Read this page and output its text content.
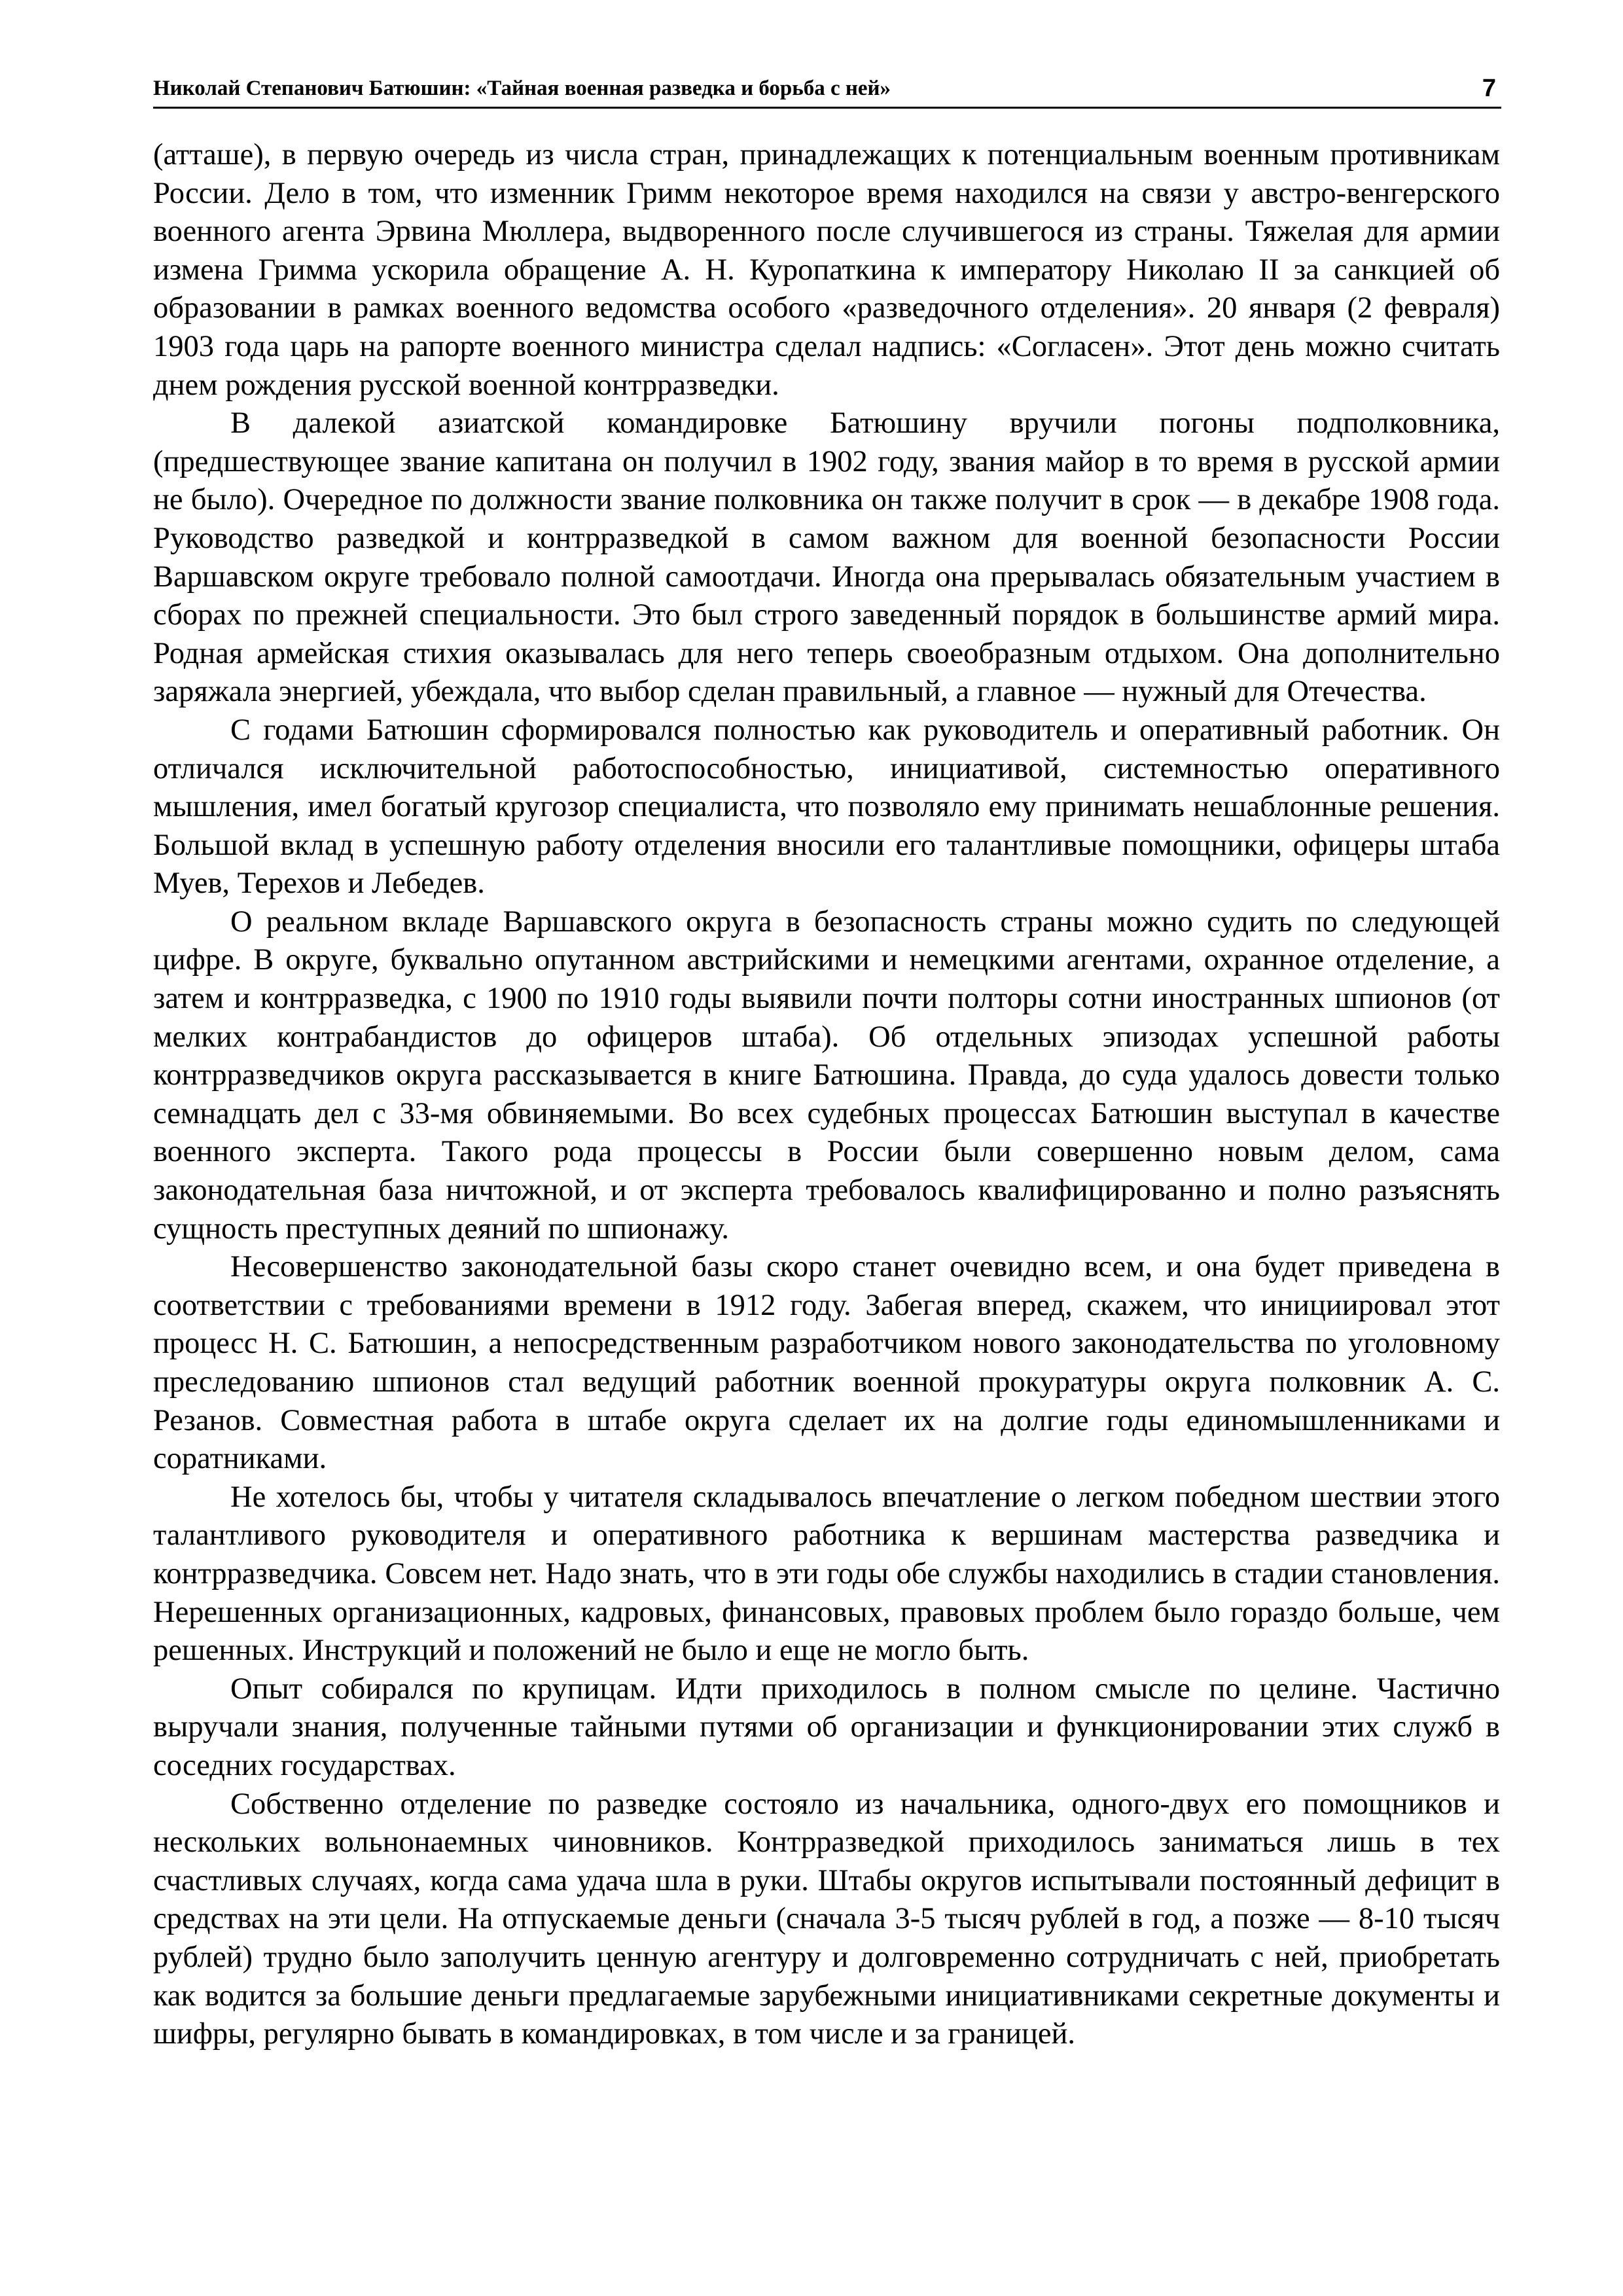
Николай Степанович Батюшин: «Тайная военная разведка и борьба с ней»	7

(атташе), в первую очередь из числа стран, принадлежащих к потенциальным военным противникам России. Дело в том, что изменник Гримм некоторое время находился на связи у австро-венгерского военного агента Эрвина Мюллера, выдворенного после случившегося из страны. Тяжелая для армии измена Гримма ускорила обращение А. Н. Куропаткина к императору Николаю II за санкцией об образовании в рамках военного ведомства особого «разведочного отделения». 20 января (2 февраля) 1903 года царь на рапорте военного министра сделал надпись: «Согласен». Этот день можно считать днем рождения русской военной контрразведки.

В далекой азиатской командировке Батюшину вручили погоны подполковника, (предшествующее звание капитана он получил в 1902 году, звания майор в то время в русской армии не было). Очередное по должности звание полковника он также получит в срок — в декабре 1908 года. Руководство разведкой и контрразведкой в самом важном для военной безопасности России Варшавском округе требовало полной самоотдачи. Иногда она прерывалась обязательным участием в сборах по прежней специальности. Это был строго заведенный порядок в большинстве армий мира. Родная армейская стихия оказывалась для него теперь своеобразным отдыхом. Она дополнительно заряжала энергией, убеждала, что выбор сделан правильный, а главное — нужный для Отечества.

С годами Батюшин сформировался полностью как руководитель и оперативный работник. Он отличался исключительной работоспособностью, инициативой, системностью оперативного мышления, имел богатый кругозор специалиста, что позволяло ему принимать нешаблонные решения. Большой вклад в успешную работу отделения вносили его талантливые помощники, офицеры штаба Муев, Терехов и Лебедев.

О реальном вкладе Варшавского округа в безопасность страны можно судить по следующей цифре. В округе, буквально опутанном австрийскими и немецкими агентами, охранное отделение, а затем и контрразведка, с 1900 по 1910 годы выявили почти полторы сотни иностранных шпионов (от мелких контрабандистов до офицеров штаба). Об отдельных эпизодах успешной работы контрразведчиков округа рассказывается в книге Батюшина. Правда, до суда удалось довести только семнадцать дел с 33-мя обвиняемыми. Во всех судебных процессах Батюшин выступал в качестве военного эксперта. Такого рода процессы в России были совершенно новым делом, сама законодательная база ничтожной, и от эксперта требовалось квалифицированно и полно разъяснять сущность преступных деяний по шпионажу.

Несовершенство законодательной базы скоро станет очевидно всем, и она будет приведена в соответствии с требованиями времени в 1912 году. Забегая вперед, скажем, что инициировал этот процесс Н. С. Батюшин, а непосредственным разработчиком нового законодательства по уголовному преследованию шпионов стал ведущий работник военной прокуратуры округа полковник А. С. Резанов. Совместная работа в штабе округа сделает их на долгие годы единомышленниками и соратниками.

Не хотелось бы, чтобы у читателя складывалось впечатление о легком победном шествии этого талантливого руководителя и оперативного работника к вершинам мастерства разведчика и контрразведчика. Совсем нет. Надо знать, что в эти годы обе службы находились в стадии становления. Нерешенных организационных, кадровых, финансовых, правовых проблем было гораздо больше, чем решенных. Инструкций и положений не было и еще не могло быть.

Опыт собирался по крупицам. Идти приходилось в полном смысле по целине. Частично выручали знания, полученные тайными путями об организации и функционировании этих служб в соседних государствах.

Собственно отделение по разведке состояло из начальника, одного-двух его помощников и нескольких вольнонаемных чиновников. Контрразведкой приходилось заниматься лишь в тех счастливых случаях, когда сама удача шла в руки. Штабы округов испытывали постоянный дефицит в средствах на эти цели. На отпускаемые деньги (сначала 3-5 тысяч рублей в год, а позже — 8-10 тысяч рублей) трудно было заполучить ценную агентуру и долговременно сотрудничать с ней, приобретать как водится за большие деньги предлагаемые зарубежными инициативниками секретные документы и шифры, регулярно бывать в командировках, в том числе и за границей.
